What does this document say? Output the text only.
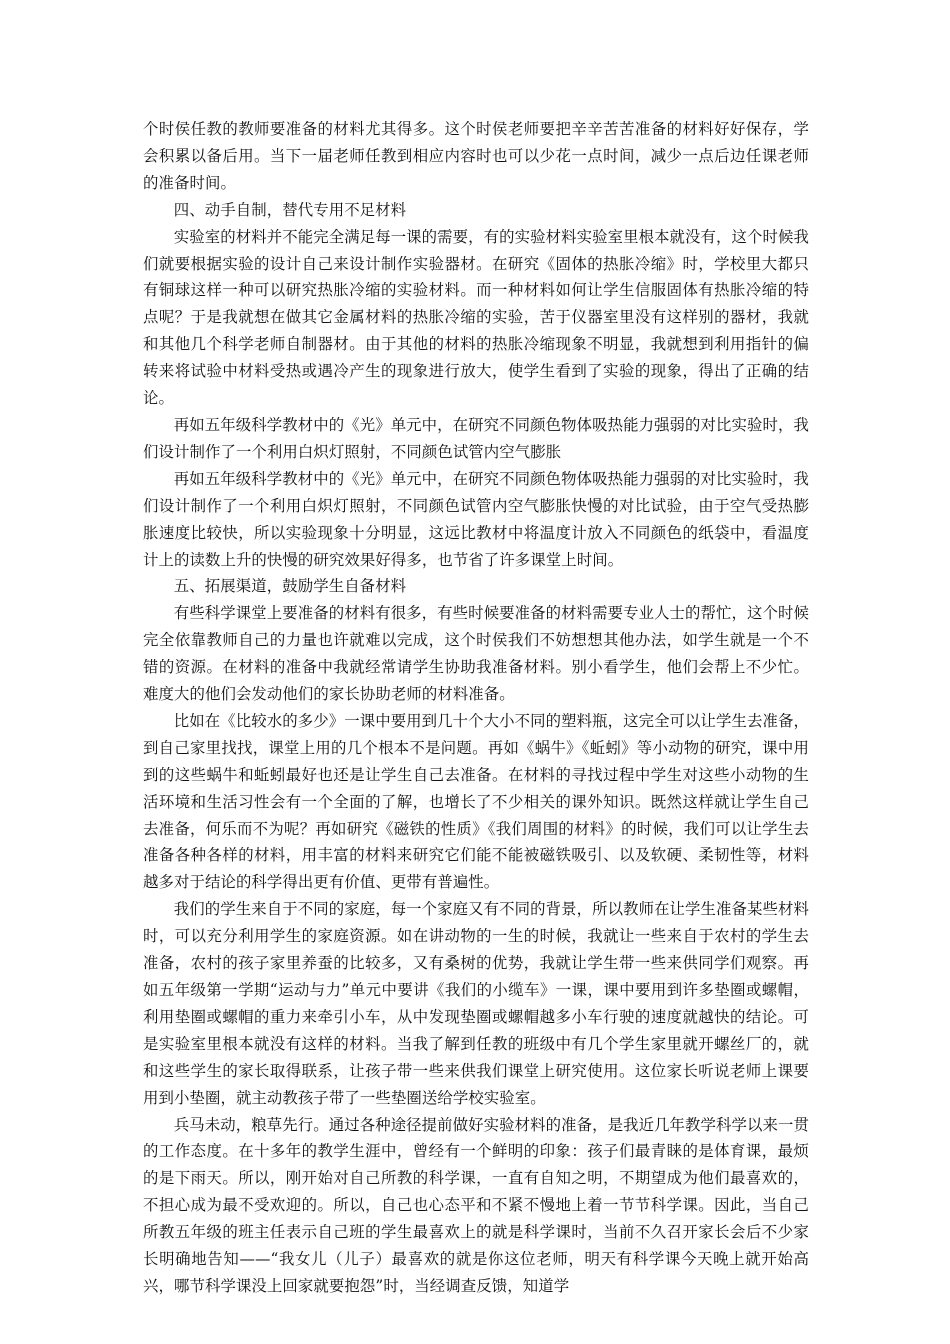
个时侯任教的教师要准备的材料尤其得多。这个时侯老师要把辛辛苦苦准备的材料好好保存，学会积累以备后用。当下一届老师任教到相应内容时也可以少花一点时间，减少一点后边任课老师的准备时间。

四、动手自制，替代专用不足材料

实验室的材料并不能完全满足每一课的需要，有的实验材料实验室里根本就没有，这个时候我们就要根据实验的设计自己来设计制作实验器材。在研究《固体的热胀冷缩》时，学校里大都只有铜球这样一种可以研究热胀冷缩的实验材料。而一种材料如何让学生信服固体有热胀冷缩的特点呢？于是我就想在做其它金属材料的热胀冷缩的实验，苦于仪器室里没有这样别的器材，我就和其他几个科学老师自制器材。由于其他的材料的热胀冷缩现象不明显，我就想到利用指针的偏转来将试验中材料受热或遇冷产生的现象进行放大，使学生看到了实验的现象，得出了正确的结论。

再如五年级科学教材中的《光》单元中，在研究不同颜色物体吸热能力强弱的对比实验时，我们设计制作了一个利用白炽灯照射，不同颜色试管内空气膨胀

再如五年级科学教材中的《光》单元中，在研究不同颜色物体吸热能力强弱的对比实验时，我们设计制作了一个利用白炽灯照射，不同颜色试管内空气膨胀快慢的对比试验，由于空气受热膨胀速度比较快，所以实验现象十分明显，这远比教材中将温度计放入不同颜色的纸袋中，看温度计上的读数上升的快慢的研究效果好得多，也节省了许多课堂上时间。

五、拓展渠道，鼓励学生自备材料

有些科学课堂上要准备的材料有很多，有些时候要准备的材料需要专业人士的帮忙，这个时候完全依靠教师自己的力量也许就难以完成，这个时侯我们不妨想想其他办法，如学生就是一个不错的资源。在材料的准备中我就经常请学生协助我准备材料。别小看学生，他们会帮上不少忙。难度大的他们会发动他们的家长协助老师的材料准备。

比如在《比较水的多少》一课中要用到几十个大小不同的塑料瓶，这完全可以让学生去准备，到自己家里找找，课堂上用的几个根本不是问题。再如《蜗牛》《蚯蚓》等小动物的研究，课中用到的这些蜗牛和蚯蚓最好也还是让学生自己去准备。在材料的寻找过程中学生对这些小动物的生活环境和生活习性会有一个全面的了解，也增长了不少相关的课外知识。既然这样就让学生自己去准备，何乐而不为呢？再如研究《磁铁的性质》《我们周围的材料》的时候，我们可以让学生去准备各种各样的材料，用丰富的材料来研究它们能不能被磁铁吸引、以及软硬、柔韧性等，材料越多对于结论的科学得出更有价值、更带有普遍性。

我们的学生来自于不同的家庭，每一个家庭又有不同的背景，所以教师在让学生准备某些材料时，可以充分利用学生的家庭资源。如在讲动物的一生的时候，我就让一些来自于农村的学生去准备，农村的孩子家里养蚕的比较多，又有桑树的优势，我就让学生带一些来供同学们观察。再如五年级第一学期“运动与力”单元中要讲《我们的小缆车》一课，课中要用到许多垫圈或螺帽，利用垫圈或螺帽的重力来牵引小车，从中发现垫圈或螺帽越多小车行驶的速度就越快的结论。可是实验室里根本就没有这样的材料。当我了解到任教的班级中有几个学生家里就开螺丝厂的，就和这些学生的家长取得联系，让孩子带一些来供我们课堂上研究使用。这位家长听说老师上课要用到小垫圈，就主动教孩子带了一些垫圈送给学校实验室。

兵马未动，粮草先行。通过各种途径提前做好实验材料的准备，是我近几年教学科学以来一贯的工作态度。在十多年的教学生涯中，曾经有一个鲜明的印象：孩子们最青睐的是体育课，最烦的是下雨天。所以，刚开始对自己所教的科学课，一直有自知之明，不期望成为他们最喜欢的，不担心成为最不受欢迎的。所以，自己也心态平和不紧不慢地上着一节节科学课。因此，当自己所教五年级的班主任表示自己班的学生最喜欢上的就是科学课时，当前不久召开家长会后不少家长明确地告知——“我女儿（儿子）最喜欢的就是你这位老师，明天有科学课今天晚上就开始高兴，哪节科学课没上回家就要抱怨”时，当经调查反馈，知道学
